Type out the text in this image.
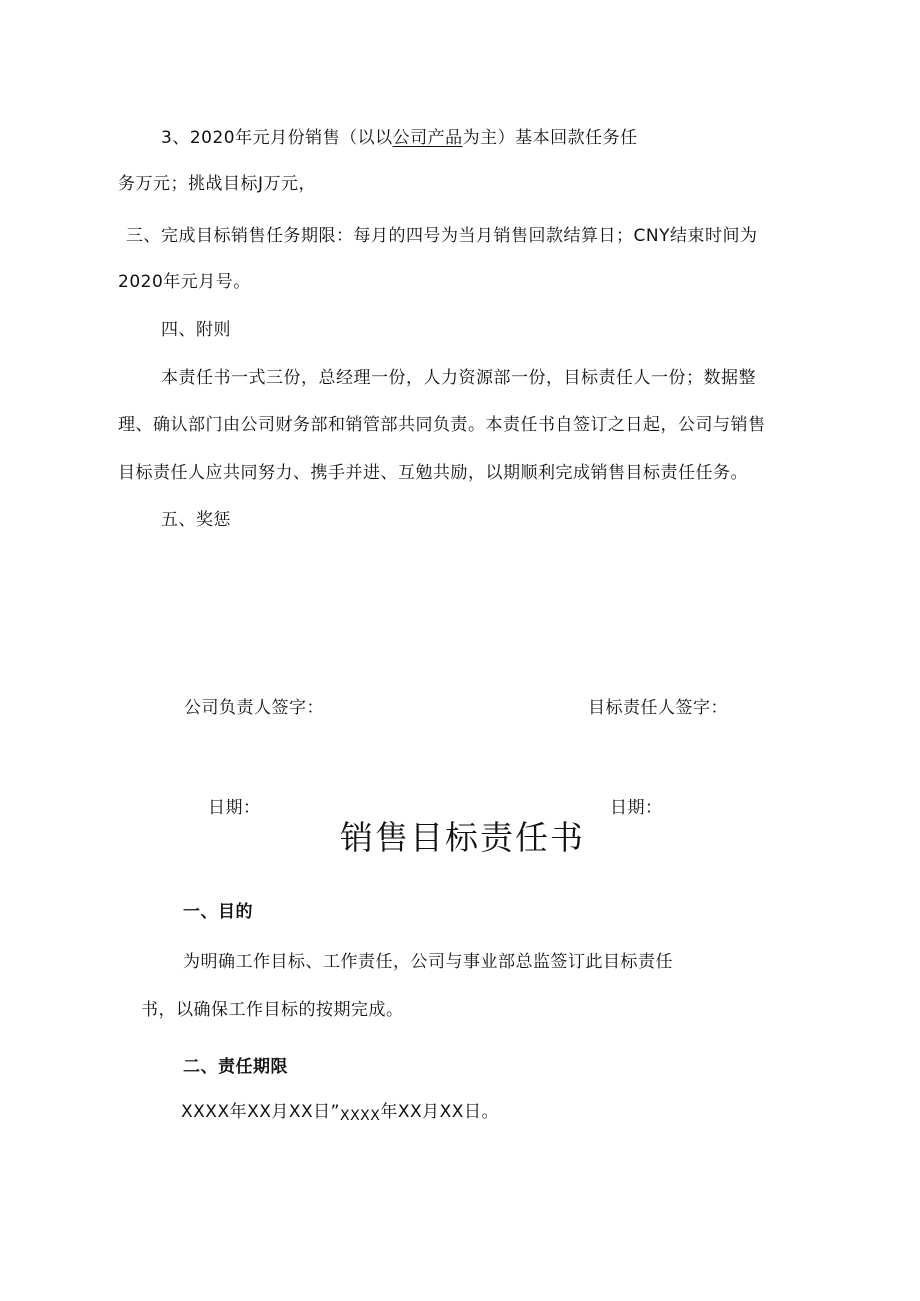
3、2020年元月份销售（以以公司产品为主）基本回款任务任
务万元；挑战目标J万元，
三、完成目标销售任务期限：每月的四号为当月销售回款结算日；CNY结束时间为
2020年元月号。
四、附则
本责任书一式三份，总经理一份，人力资源部一份，目标责任人一份；数据整
理、确认部门由公司财务部和销管部共同负责。本责任书自签订之日起，公司与销售
目标责任人应共同努力、携手并进、互勉共励，以期顺利完成销售目标责任任务。
五、奖惩
公司负责人签字：	目标责任人签字：
日期：	日期：
销售目标责任书
一、目的
为明确工作目标、工作责任，公司与事业部总监签订此目标责任
书，以确保工作目标的按期完成。
二、责任期限
XXXX年XX月XX日”XXXX年XX月XX日。
